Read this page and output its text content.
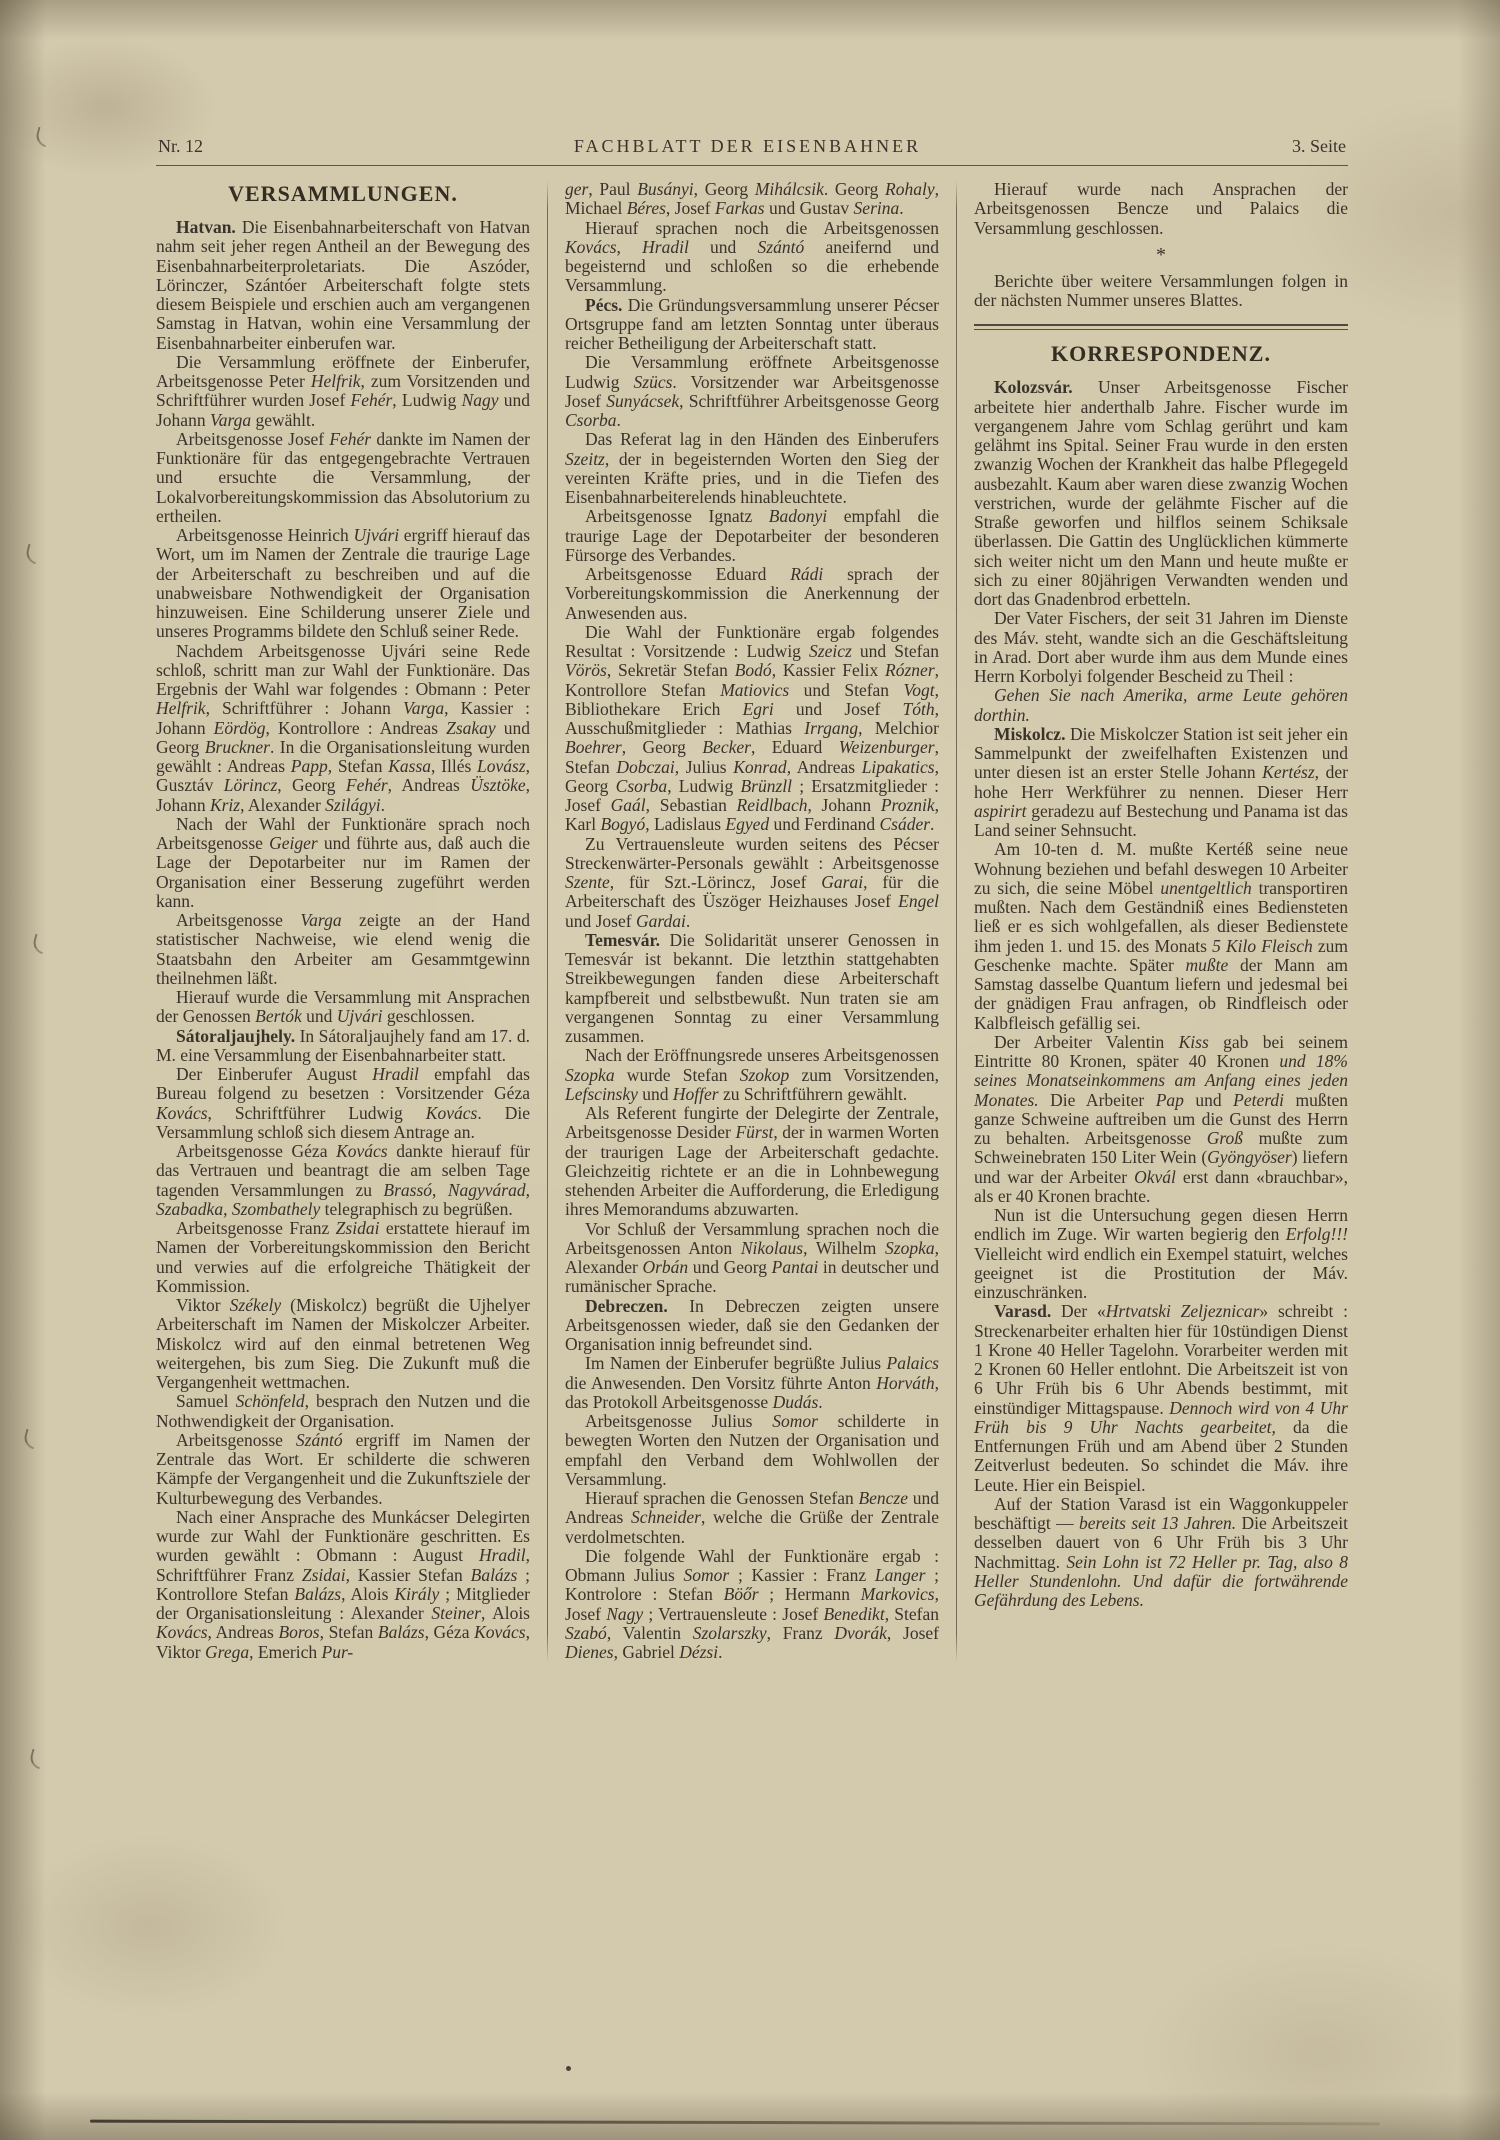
Nr. 12	FACHBLATT DER EISENBAHNER	3. Seite
VERSAMMLUNGEN.

Hatvan. Die Eisenbahnarbeiterschaft von Hatvan nahm seit jeher regen Antheil an der Bewegung des Eisenbahnarbeiterproletariats. Die Aszóder, Lörinczer, Szántóer Arbeiterschaft folgte stets diesem Beispiele und erschien auch am vergangenen Samstag in Hatvan, wohin eine Versammlung der Eisenbahnarbeiter einberufen war.

Die Versammlung eröffnete der Einberufer, Arbeitsgenosse Peter Helfrik, zum Vorsitzenden und Schriftführer wurden Josef Fehér, Ludwig Nagy und Johann Varga gewählt.

Arbeitsgenosse Josef Fehér dankte im Namen der Funktionäre für das entgegengebrachte Vertrauen und ersuchte die Versammlung, der Lokalvorbereitungskommission das Absolutorium zu ertheilen.

Arbeitsgenosse Heinrich Ujvári ergriff hierauf das Wort, um im Namen der Zentrale die traurige Lage der Arbeiterschaft zu beschreiben und auf die unabweisbare Nothwendigkeit der Organisation hinzuweisen. Eine Schilderung unserer Ziele und unseres Programms bildete den Schluß seiner Rede.

Nachdem Arbeitsgenosse Ujvári seine Rede schloß, schritt man zur Wahl der Funktionäre. Das Ergebnis der Wahl war folgendes : Obmann : Peter Helfrik, Schriftführer : Johann Varga, Kassier : Johann Eördög, Kontrollore : Andreas Zsakay und Georg Bruckner. In die Organisationsleitung wurden gewählt : Andreas Papp, Stefan Kassa, Illés Lovász, Gusztáv Lörincz, Georg Fehér, Andreas Üsztöke, Johann Kriz, Alexander Szilágyi.

Nach der Wahl der Funktionäre sprach noch Arbeitsgenosse Geiger und führte aus, daß auch die Lage der Depotarbeiter nur im Ramen der Organisation einer Besserung zugeführt werden kann.

Arbeitsgenosse Varga zeigte an der Hand statistischer Nachweise, wie elend wenig die Staatsbahn den Arbeiter am Gesammtgewinn theilnehmen läßt.

Hierauf wurde die Versammlung mit Ansprachen der Genossen Bertók und Ujvári geschlossen.

Sátoraljaujhely. In Sátoraljaujhely fand am 17. d. M. eine Versammlung der Eisenbahnarbeiter statt.

Der Einberufer August Hradil empfahl das Bureau folgend zu besetzen : Vorsitzender Géza Kovács, Schriftführer Ludwig Kovács. Die Versammlung schloß sich diesem Antrage an.

Arbeitsgenosse Géza Kovács dankte hierauf für das Vertrauen und beantragt die am selben Tage tagenden Versammlungen zu Brassó, Nagyvárad, Szabadka, Szombathely telegraphisch zu begrüßen.

Arbeitsgenosse Franz Zsidai erstattete hierauf im Namen der Vorbereitungskommission den Bericht und verwies auf die erfolgreiche Thätigkeit der Kommission.

Viktor Székely (Miskolcz) begrüßt die Ujhelyer Arbeiterschaft im Namen der Miskolczer Arbeiter. Miskolcz wird auf den einmal betretenen Weg weitergehen, bis zum Sieg. Die Zukunft muß die Vergangenheit wettmachen.

Samuel Schönfeld, besprach den Nutzen und die Nothwendigkeit der Organisation.

Arbeitsgenosse Szántó ergriff im Namen der Zentrale das Wort. Er schilderte die schweren Kämpfe der Vergangenheit und die Zukunftsziele der Kulturbewegung des Verbandes.

Nach einer Ansprache des Munkácser Delegirten wurde zur Wahl der Funktionäre geschritten. Es wurden gewählt : Obmann : August Hradil, Schriftführer Franz Zsidai, Kassier Stefan Balázs ; Kontrollore Stefan Balázs, Alois Király ; Mitglieder der Organisationsleitung : Alexander Steiner, Alois Kovács, Andreas Boros, Stefan Balázs, Géza Kovács, Viktor Grega, Emerich Pur-

ger, Paul Busányi, Georg Mihálcsik. Georg Rohaly, Michael Béres, Josef Farkas und Gustav Serina.

Hierauf sprachen noch die Arbeitsgenossen Kovács, Hradil und Szántó aneifernd und begeisternd und schloßen so die erhebende Versammlung.

Pécs. Die Gründungsversammlung unserer Pécser Ortsgruppe fand am letzten Sonntag unter überaus reicher Betheiligung der Arbeiterschaft statt.

Die Versammlung eröffnete Arbeitsgenosse Ludwig Szücs. Vorsitzender war Arbeitsgenosse Josef Sunyácsek, Schriftführer Arbeitsgenosse Georg Csorba.

Das Referat lag in den Händen des Einberufers Szeitz, der in begeisternden Worten den Sieg der vereinten Kräfte pries, und in die Tiefen des Eisenbahnarbeiterelends hinableuchtete.

Arbeitsgenosse Ignatz Badonyi empfahl die traurige Lage der Depotarbeiter der besonderen Fürsorge des Verbandes.

Arbeitsgenosse Eduard Rádi sprach der Vorbereitungskommission die Anerkennung der Anwesenden aus.

Die Wahl der Funktionäre ergab folgendes Resultat : Vorsitzende : Ludwig Szeicz und Stefan Vörös, Sekretär Stefan Bodó, Kassier Felix Rózner, Kontrollore Stefan Matiovics und Stefan Vogt, Bibliothekare Erich Egri und Josef Tóth, Ausschußmitglieder : Mathias Irrgang, Melchior Boehrer, Georg Becker, Eduard Weizenburger, Stefan Dobczai, Julius Konrad, Andreas Lipakatics, Georg Csorba, Ludwig Brünzll ; Ersatzmitglieder : Josef Gaál, Sebastian Reidlbach, Johann Proznik, Karl Bogyó, Ladislaus Egyed und Ferdinand Csáder.

Zu Vertrauensleute wurden seitens des Pécser Streckenwärter-Personals gewählt : Arbeitsgenosse Szente, für Szt.-Lörincz, Josef Garai, für die Arbeiterschaft des Üszöger Heizhauses Josef Engel und Josef Gardai.

Temesvár. Die Solidarität unserer Genossen in Temesvár ist bekannt. Die letzthin stattgehabten Streikbewegungen fanden diese Arbeiterschaft kampfbereit und selbstbewußt. Nun traten sie am vergangenen Sonntag zu einer Versammlung zusammen.

Nach der Eröffnungsrede unseres Arbeitsgenossen Szopka wurde Stefan Szokop zum Vorsitzenden, Lefscinsky und Hoffer zu Schriftführern gewählt.

Als Referent fungirte der Delegirte der Zentrale, Arbeitsgenosse Desider Fürst, der in warmen Worten der traurigen Lage der Arbeiterschaft gedachte. Gleichzeitig richtete er an die in Lohnbewegung stehenden Arbeiter die Aufforderung, die Erledigung ihres Memorandums abzuwarten.

Vor Schluß der Versammlung sprachen noch die Arbeitsgenossen Anton Nikolaus, Wilhelm Szopka, Alexander Orbán und Georg Pantai in deutscher und rumänischer Sprache.

Debreczen. In Debreczen zeigten unsere Arbeitsgenossen wieder, daß sie den Gedanken der Organisation innig befreundet sind.

Im Namen der Einberufer begrüßte Julius Palaics die Anwesenden. Den Vorsitz führte Anton Horváth, das Protokoll Arbeitsgenosse Dudás.

Arbeitsgenosse Julius Somor schilderte in bewegten Worten den Nutzen der Organisation und empfahl den Verband dem Wohlwollen der Versammlung.

Hierauf sprachen die Genossen Stefan Bencze und Andreas Schneider, welche die Grüße der Zentrale verdolmetschten.

Die folgende Wahl der Funktionäre ergab : Obmann Julius Somor ; Kassier : Franz Langer ; Kontrolore : Stefan Böőr ; Hermann Markovics, Josef Nagy ; Vertrauensleute : Josef Benedikt, Stefan Szabó, Valentin Szolarszky, Franz Dvorák, Josef Dienes, Gabriel Dézsi.

Hierauf wurde nach Ansprachen der Arbeitsgenossen Bencze und Palaics die Versammlung geschlossen.

*

Berichte über weitere Versammlungen folgen in der nächsten Nummer unseres Blattes.

KORRESPONDENZ.

Kolozsvár. Unser Arbeitsgenosse Fischer arbeitete hier anderthalb Jahre. Fischer wurde im vergangenem Jahre vom Schlag gerührt und kam gelähmt ins Spital. Seiner Frau wurde in den ersten zwanzig Wochen der Krankheit das halbe Pflegegeld ausbezahlt. Kaum aber waren diese zwanzig Wochen verstrichen, wurde der gelähmte Fischer auf die Straße geworfen und hilflos seinem Schiksale überlassen. Die Gattin des Unglücklichen kümmerte sich weiter nicht um den Mann und heute mußte er sich zu einer 80jährigen Verwandten wenden und dort das Gnadenbrod erbetteln.

Der Vater Fischers, der seit 31 Jahren im Dienste des Máv. steht, wandte sich an die Geschäftsleitung in Arad. Dort aber wurde ihm aus dem Munde eines Herrn Korbolyi folgender Bescheid zu Theil :

Gehen Sie nach Amerika, arme Leute gehören dorthin.

Miskolcz. Die Miskolczer Station ist seit jeher ein Sammelpunkt der zweifelhaften Existenzen und unter diesen ist an erster Stelle Johann Kertész, der hohe Herr Werkführer zu nennen. Dieser Herr aspirirt geradezu auf Bestechung und Panama ist das Land seiner Sehnsucht.

Am 10-ten d. M. mußte Kertéß seine neue Wohnung beziehen und befahl deswegen 10 Arbeiter zu sich, die seine Möbel unentgeltlich transportiren mußten. Nach dem Geständniß eines Bediensteten ließ er es sich wohlgefallen, als dieser Bedienstete ihm jeden 1. und 15. des Monats 5 Kilo Fleisch zum Geschenke machte. Später mußte der Mann am Samstag dasselbe Quantum liefern und jedesmal bei der gnädigen Frau anfragen, ob Rindfleisch oder Kalbfleisch gefällig sei.

Der Arbeiter Valentin Kiss gab bei seinem Eintritte 80 Kronen, später 40 Kronen und 18% seines Monatseinkommens am Anfang eines jeden Monates. Die Arbeiter Pap und Peterdi mußten ganze Schweine auftreiben um die Gunst des Herrn zu behalten. Arbeitsgenosse Groß mußte zum Schweinebraten 150 Liter Wein (Gyöngyöser) liefern und war der Arbeiter Okvál erst dann «brauchbar», als er 40 Kronen brachte.

Nun ist die Untersuchung gegen diesen Herrn endlich im Zuge. Wir warten begierig den Erfolg!!! Vielleicht wird endlich ein Exempel statuirt, welches geeignet ist die Prostitution der Máv. einzuschränken.

Varasd. Der «Hrtvatski Zeljeznicar» schreibt : Streckenarbeiter erhalten hier für 10stündigen Dienst 1 Krone 40 Heller Tagelohn. Vorarbeiter werden mit 2 Kronen 60 Heller entlohnt. Die Arbeitszeit ist von 6 Uhr Früh bis 6 Uhr Abends bestimmt, mit einstündiger Mittagspause. Dennoch wird von 4 Uhr Früh bis 9 Uhr Nachts gearbeitet, da die Entfernungen Früh und am Abend über 2 Stunden Zeitverlust bedeuten. So schindet die Máv. ihre Leute. Hier ein Beispiel.

Auf der Station Varasd ist ein Waggonkuppeler beschäftigt — bereits seit 13 Jahren. Die Arbeitszeit desselben dauert von 6 Uhr Früh bis 3 Uhr Nachmittag. Sein Lohn ist 72 Heller pr. Tag, also 8 Heller Stundenlohn. Und dafür die fortwährende Gefährdung des Lebens.
